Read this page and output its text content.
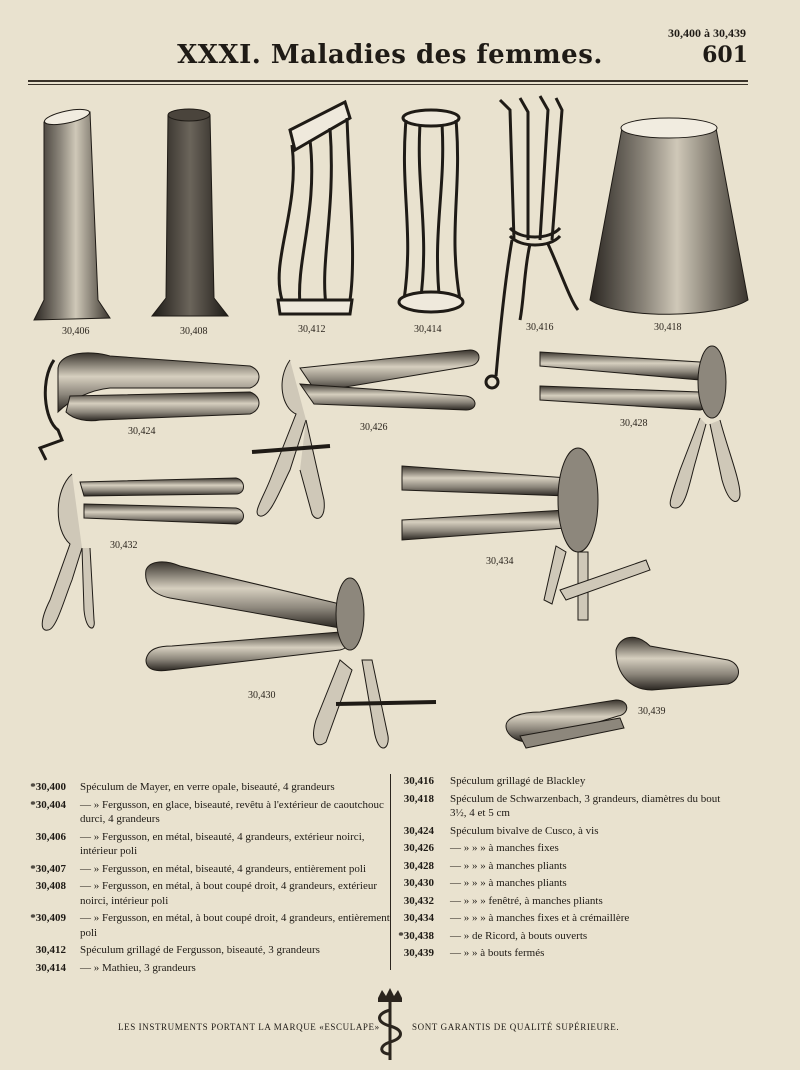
30,400 à 30,439
XXXI. Maladies des femmes.	601
30,406	30,408	30,412	30,414	30,416	30,418
30,424	30,426	30,428
30,432
30,434
30,430
30,439
*30,400 Spéculum de Mayer, en verre opale, biseauté, 4 grandeurs
*30,404 — » Fergusson, en glace, biseauté, revêtu à l'extérieur de caoutchouc durci, 4 grandeurs
30,406 — » Fergusson, en métal, biseauté, 4 grandeurs, extérieur noirci, intérieur poli
*30,407 — » Fergusson, en métal, biseauté, 4 grandeurs, entièrement poli
30,408 — » Fergusson, en métal, à bout coupé droit, 4 grandeurs, extérieur noirci, intérieur poli
*30,409 — » Fergusson, en métal, à bout coupé droit, 4 grandeurs, entièrement poli
30,412 Spéculum grillagé de Fergusson, biseauté, 3 grandeurs
30,414 — » Mathieu, 3 grandeurs
30,416 Spéculum grillagé de Blackley
30,418 Spéculum de Schwarzenbach, 3 grandeurs, diamètres du bout 3½, 4 et 5 cm
30,424 Spéculum bivalve de Cusco, à vis
30,426 — » » » à manches fixes
30,428 — » » » à manches pliants
30,430 — » » » à manches pliants
30,432 — » » » fenêtré, à manches pliants
30,434 — » » » à manches fixes et à crémaillère
*30,438 — » de Ricord, à bouts ouverts
30,439 — » » à bouts fermés
LES INSTRUMENTS PORTANT LA MARQUE «ESCULAPE»	SONT GARANTIS DE QUALITÉ SUPÉRIEURE.
